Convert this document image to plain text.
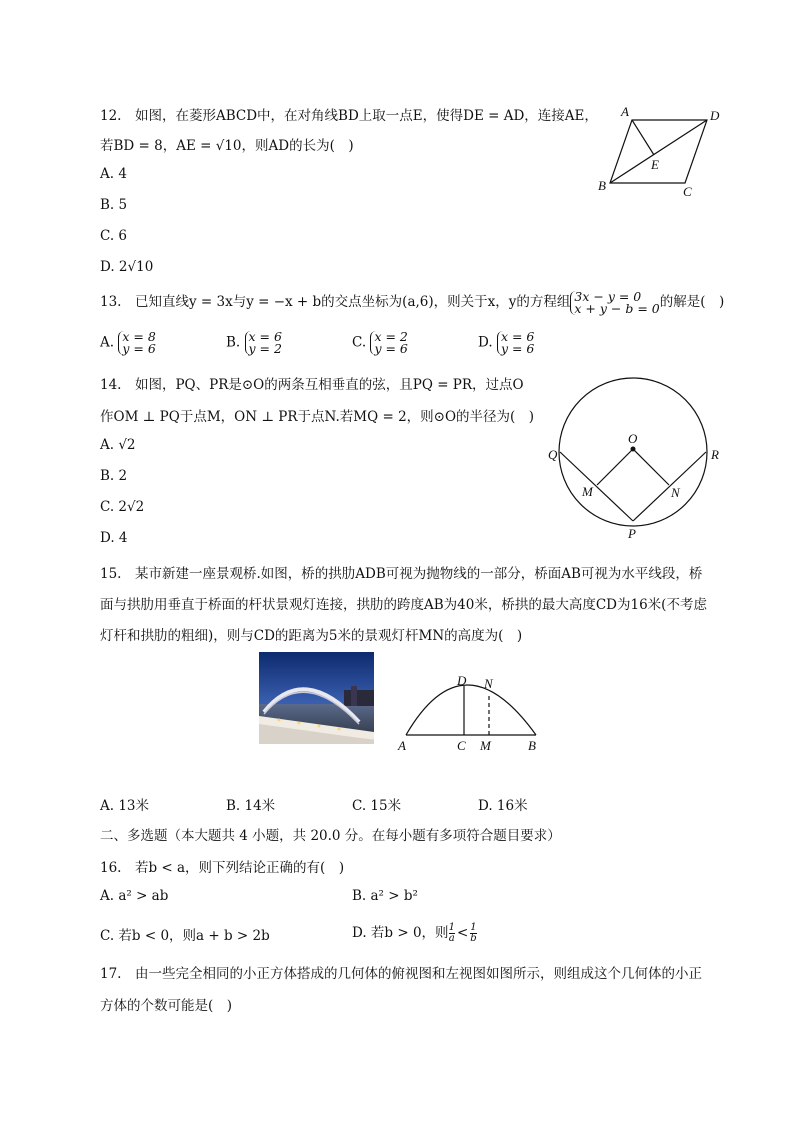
12.　如图，在菱形ABCD中，在对角线BD上取一点E，使得DE = AD，连接AE，
若BD = 8，AE = √10，则AD的长为(　)
A. 4
B. 5
C. 6
D. 2√10
A	D
E
B	C
13.　已知直线y = 3x与y = −x + b的交点坐标为(a,6)，则关于x，y的方程组 3x − y = 0
x + y − b = 0 的解是(　)
A. x = 8
y = 6	B. x = 6
y = 2	C. x = 2
y = 6	D. x = 6
y = 6
14.　如图，PQ、PR是⊙O的两条互相垂直的弦，且PQ = PR，过点O
作OM ⊥ PQ于点M，ON ⊥ PR于点N.若MQ = 2，则⊙O的半径为(　)
A. √2
B. 2
C. 2√2
D. 4
O
Q	R
M	N
P
15.　某市新建一座景观桥.如图，桥的拱肋ADB可视为抛物线的一部分，桥面AB可视为水平线段，桥
面与拱肋用垂直于桥面的杆状景观灯连接，拱肋的跨度AB为40米，桥拱的最大高度CD为16米(不考虑
灯杆和拱肋的粗细)，则与CD的距离为5米的景观灯杆MN的高度为(　)
D N
A	C M	B
A. 13米	B. 14米	C. 15米	D. 16米
二、多选题（本大题共 4 小题，共 20.0 分。在每小题有多项符合题目要求）
16.　若b < a，则下列结论正确的有(　)
A. a² > ab	B. a² > b²
C. 若b < 0，则a + b > 2b	D. 若b > 0，则 $\frac{1}{a} < \frac{1}{b}$
17.　由一些完全相同的小正方体搭成的几何体的俯视图和左视图如图所示，则组成这个几何体的小正
方体的个数可能是(　)
